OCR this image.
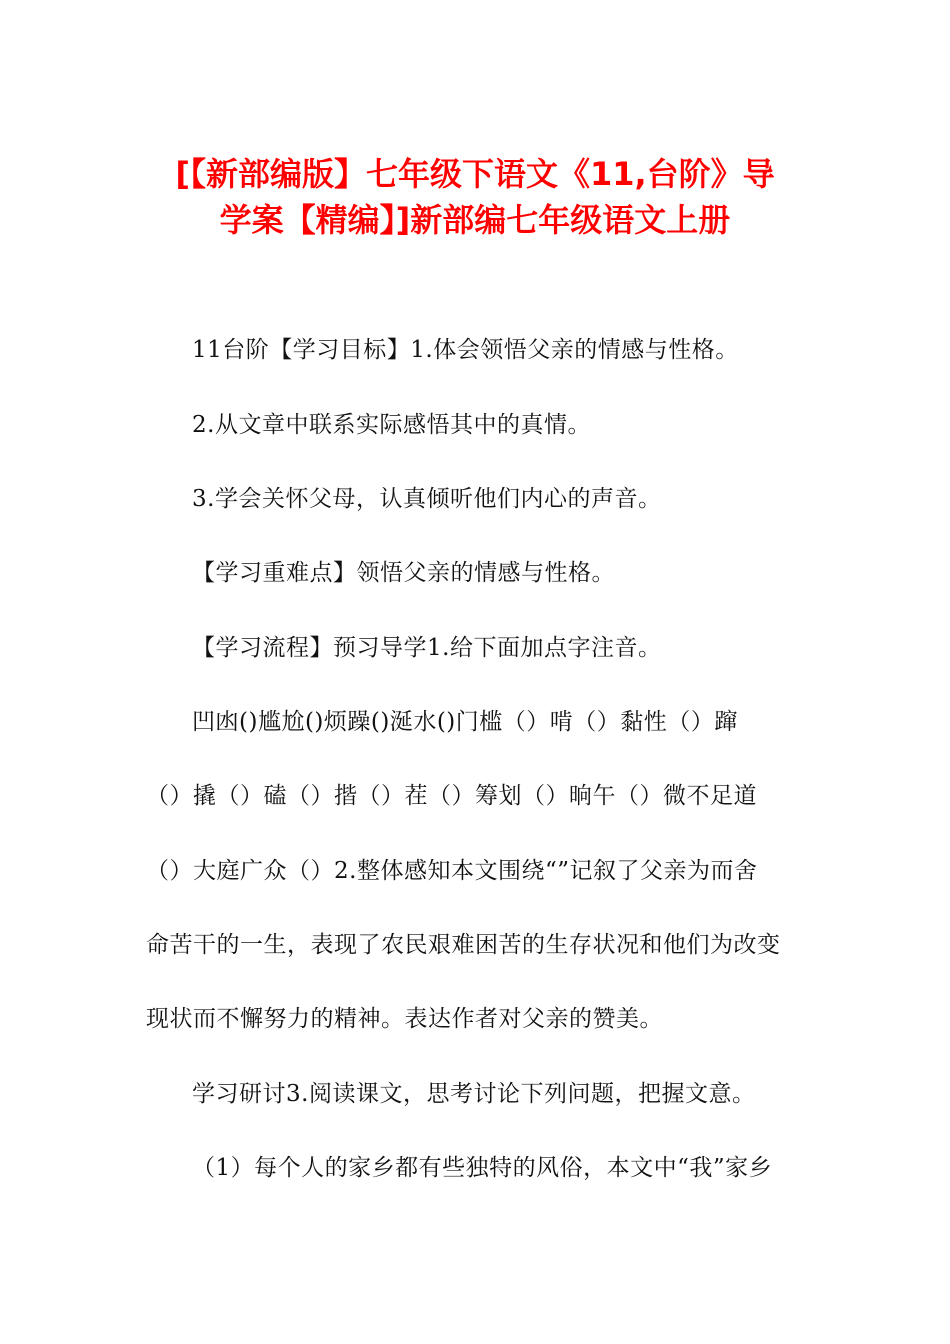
[【新部编版】七年级下语文《11,台阶》导
学案【精编】]新部编七年级语文上册
11台阶【学习目标】1.体会领悟父亲的情感与性格。
2.从文章中联系实际感悟其中的真情。
3.学会关怀父母，认真倾听他们内心的声音。
【学习重难点】领悟父亲的情感与性格。
【学习流程】预习导学1.给下面加点字注音。
凹凼()尴尬()烦躁()涎水()门槛（）啃（）黏性（）蹿
（）撬（）磕（）揩（）茬（）筹划（）晌午（）微不足道
（）大庭广众（）2.整体感知本文围绕“”记叙了父亲为而舍
命苦干的一生，表现了农民艰难困苦的生存状况和他们为改变
现状而不懈努力的精神。表达作者对父亲的赞美。
学习研讨3.阅读课文，思考讨论下列问题，把握文意。
（1）每个人的家乡都有些独特的风俗，本文中“我”家乡
